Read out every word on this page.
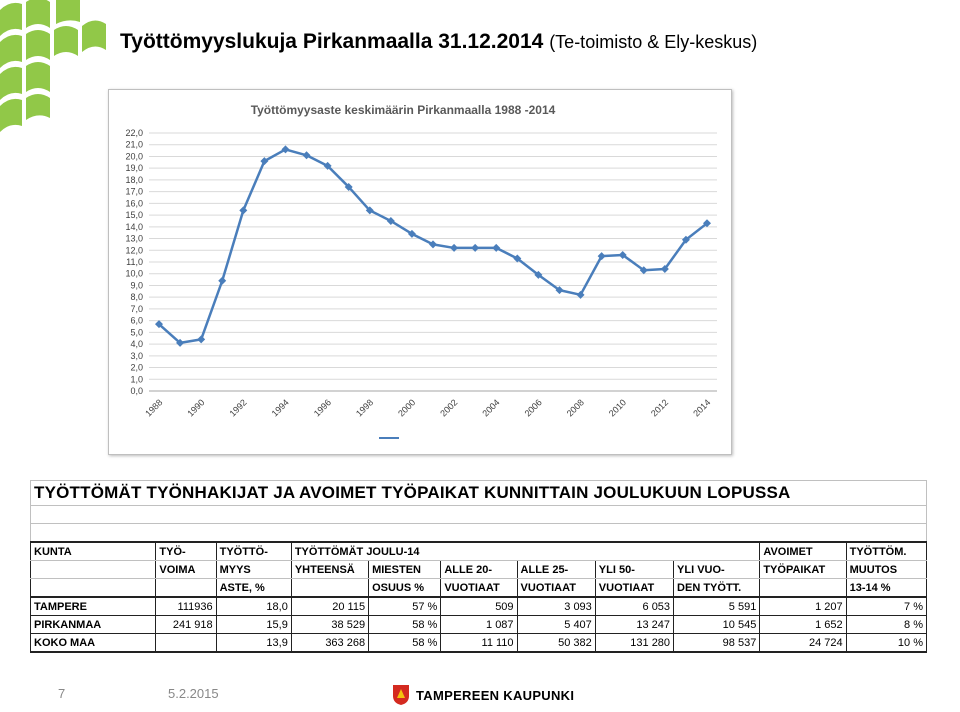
Työttömyyslukuja Pirkanmaalla 31.12.2014 (Te-toimisto & Ely-keskus)
Työttömyysaste keskimäärin Pirkanmaalla 1988 -2014
0,0
1,0
2,0
3,0
4,0
5,0
6,0
7,0
8,0
9,0
10,0
11,0
12,0
13,0
14,0
15,0
16,0
17,0
18,0
19,0
20,0
21,0
22,0
1988 1990 1992 1994 1996 1998 2000 2002 2004 2006 2008 2010 2012 2014
TYÖTTÖMÄT TYÖNHAKIJAT JA AVOIMET TYÖPAIKAT KUNNITTAIN JOULUKUUN LOPUSSA										

KUNTA	TYÖ-	TYÖTTÖ-	TYÖTTÖMÄT JOULU-14						AVOIMET	TYÖTTÖM.
	VOIMA	MYYS	YHTEENSÄ	MIESTEN	ALLE 20-	ALLE 25-	YLI 50-	YLI VUO-	TYÖPAIKAT	MUUTOS
		ASTE, %		OSUUS %	VUOTIAAT	VUOTIAAT	VUOTIAAT	DEN TYÖTT.		13-14 %
TAMPERE	111936	18,0	20 115	57 %	509	3 093	6 053	5 591	1 207	7 %
PIRKANMAA	241 918	15,9	38 529	58 %	1 087	5 407	13 247	10 545	1 652	8 %
KOKO MAA		13,9	363 268	58 %	11 110	50 382	131 280	98 537	24 724	10 %
7	5.2.2015	TAMPEREEN KAUPUNKI
